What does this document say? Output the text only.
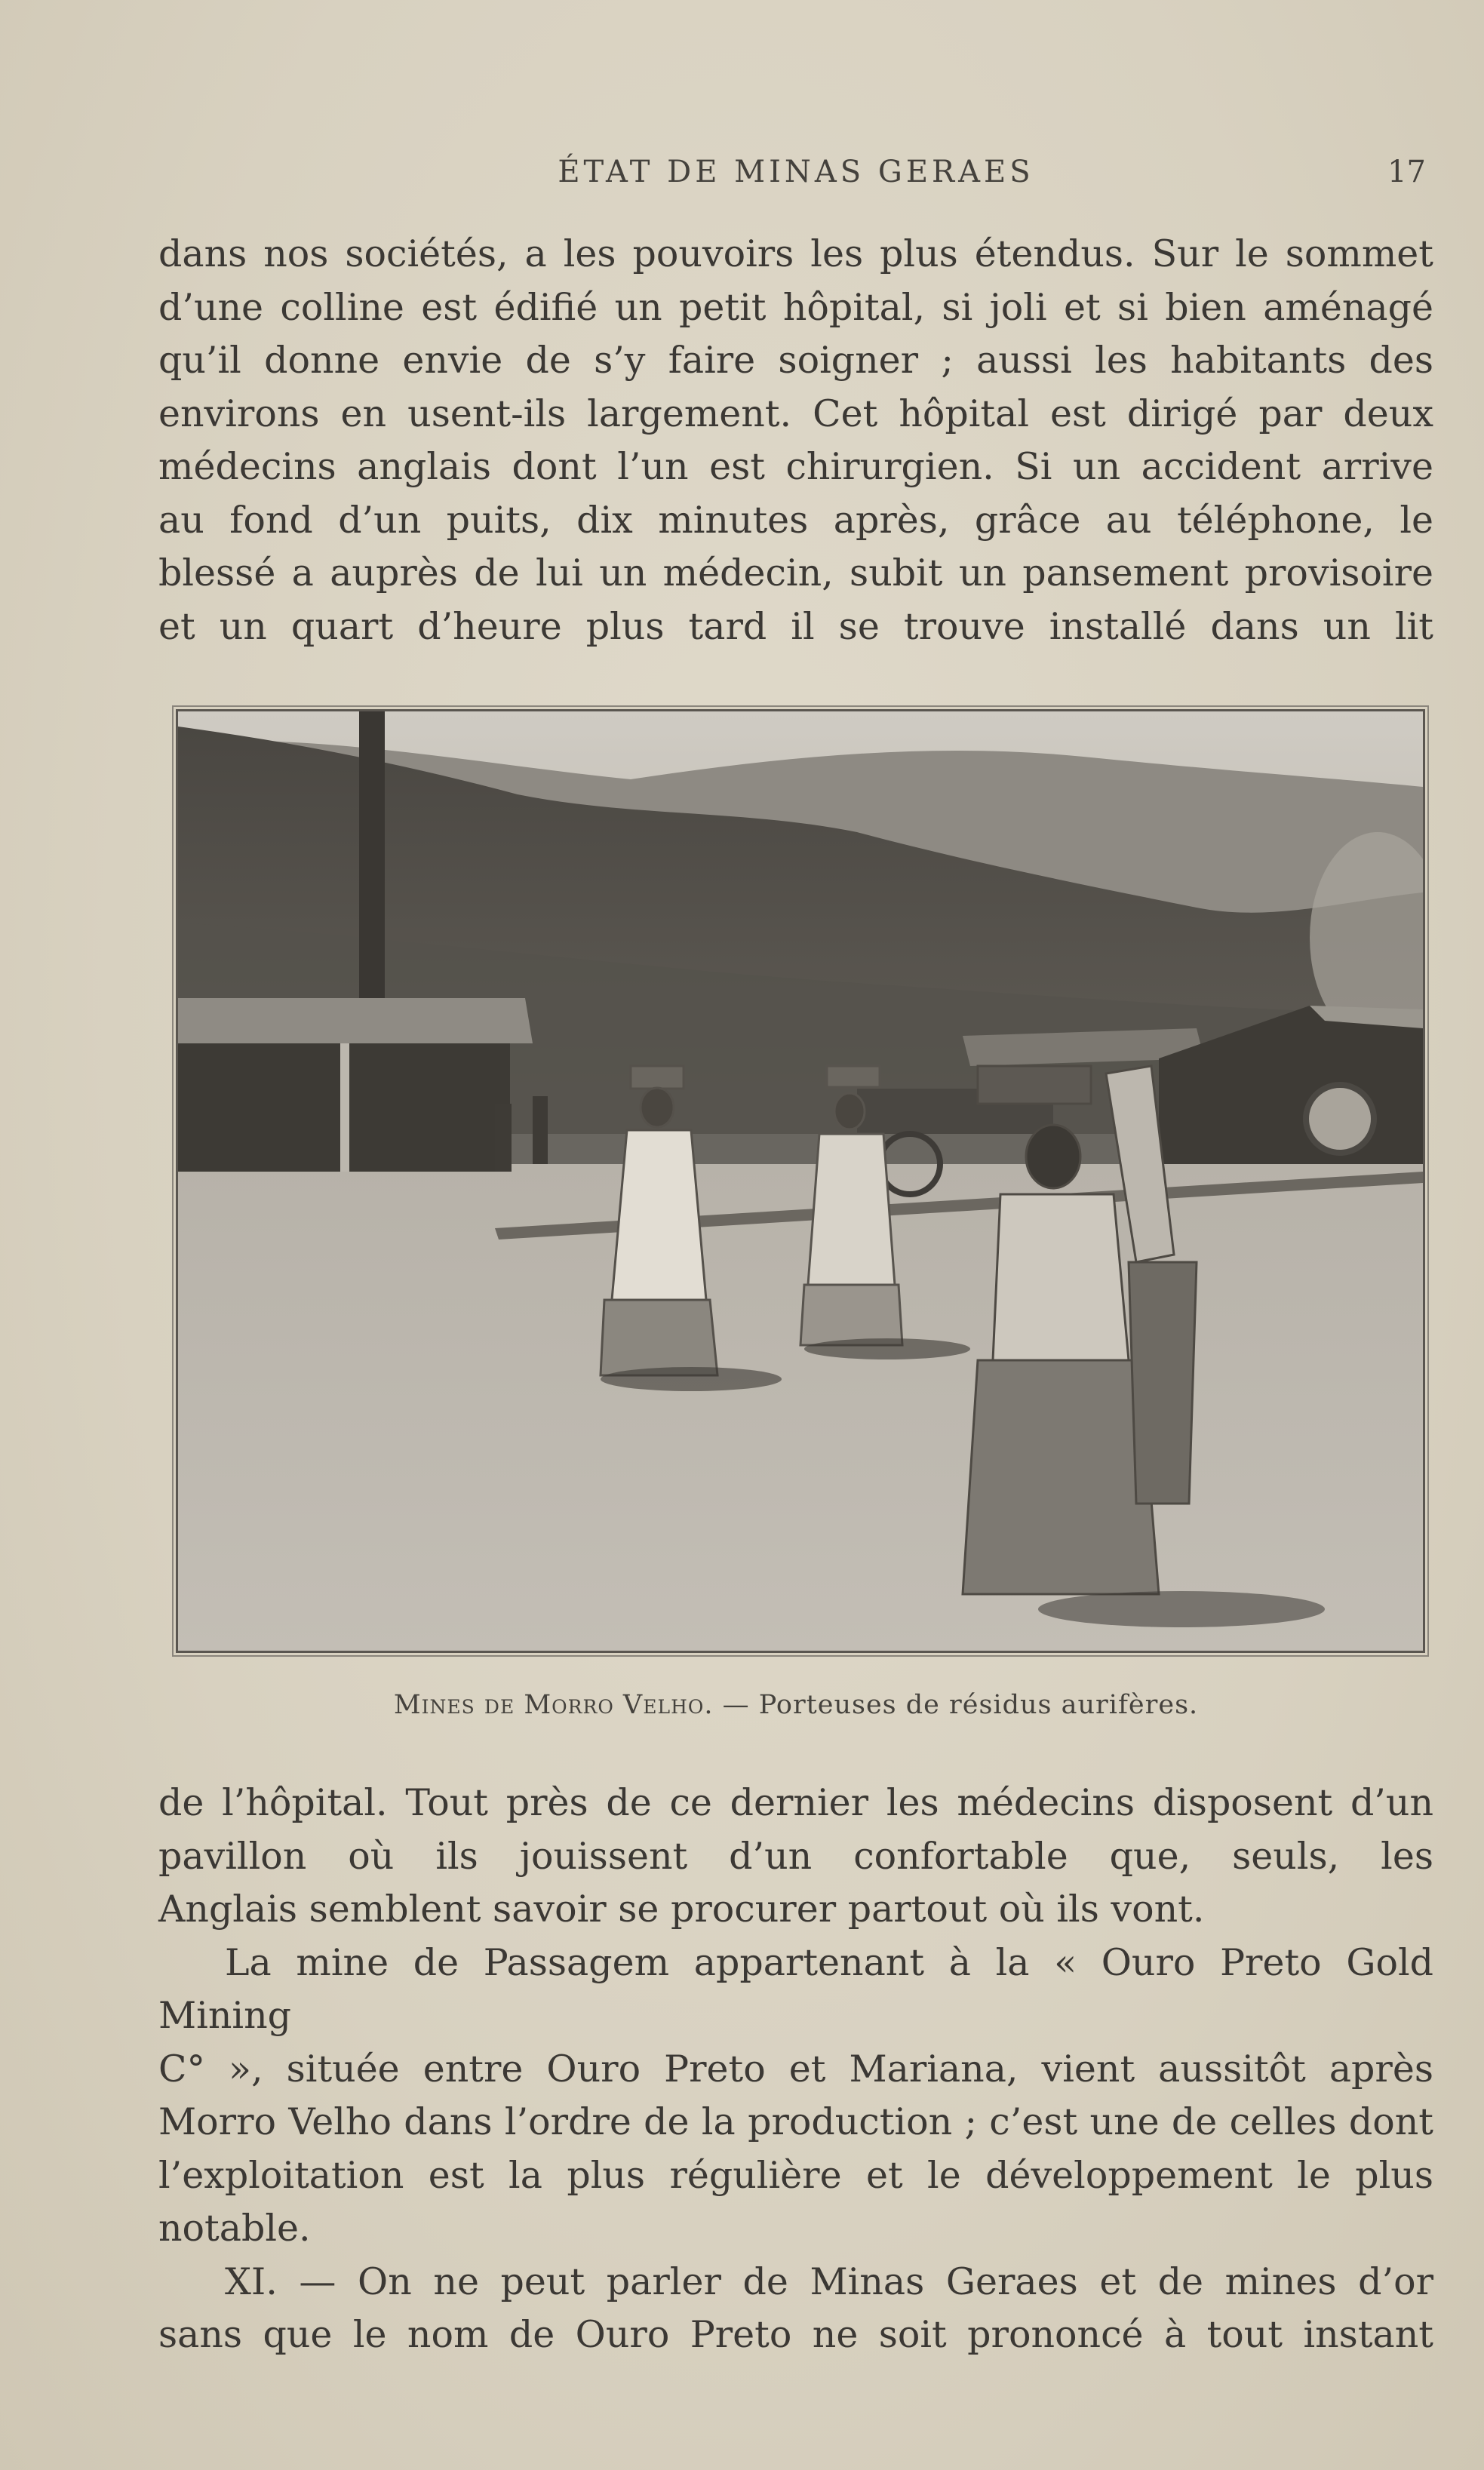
ÉTAT DE MINAS GERAES	17

dans nos sociétés, a les pouvoirs les plus étendus. Sur le sommet

d’une colline est édifié un petit hôpital, si joli et si bien aménagé

qu’il donne envie de s’y faire soigner ; aussi les habitants des

environs en usent-ils largement. Cet hôpital est dirigé par deux

médecins anglais dont l’un est chirurgien. Si un accident arrive

au fond d’un puits, dix minutes après, grâce au téléphone, le

blessé a auprès de lui un médecin, subit un pansement provisoire

et un quart d’heure plus tard il se trouve installé dans un lit

Mines de Morro Velho. — Porteuses de résidus aurifères.

de l’hôpital. Tout près de ce dernier les médecins disposent d’un

pavillon où ils jouissent d’un confortable que, seuls, les

Anglais semblent savoir se procurer partout où ils vont.

La mine de Passagem appartenant à la « Ouro Preto Gold Mining

C° », située entre Ouro Preto et Mariana, vient aussitôt après

Morro Velho dans l’ordre de la production ; c’est une de celles dont

l’exploitation est la plus régulière et le développement le plus

notable.

XI. — On ne peut parler de Minas Geraes et de mines d’or

sans que le nom de Ouro Preto ne soit prononcé à tout instant
